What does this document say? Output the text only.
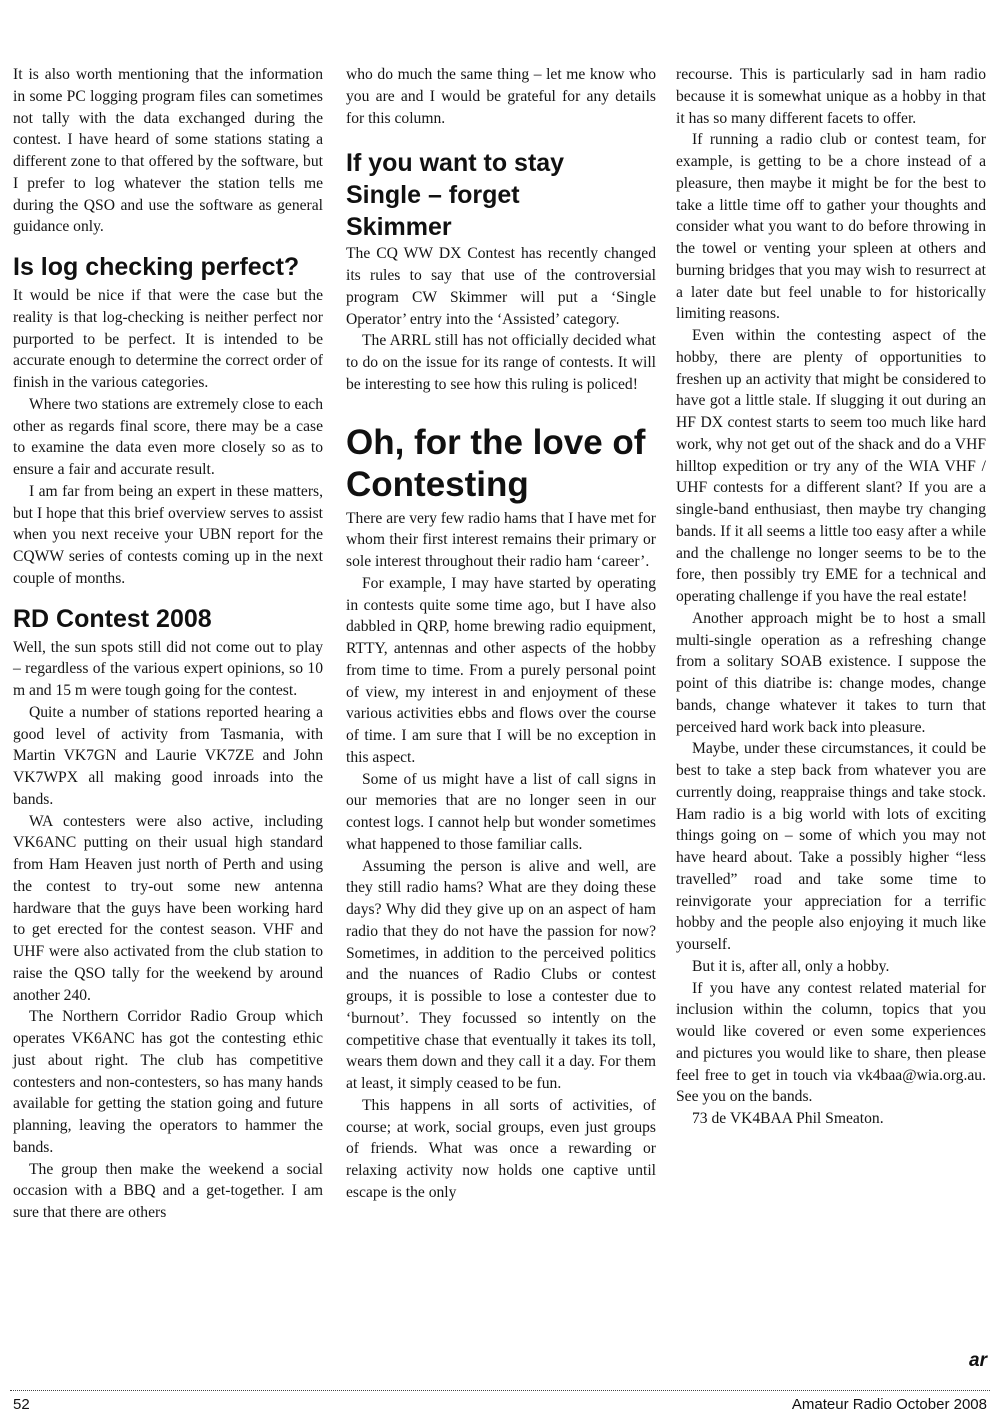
It is also worth mentioning that the information in some PC logging program files can sometimes not tally with the data exchanged during the contest. I have heard of some stations stating a different zone to that offered by the software, but I prefer to log whatever the station tells me during the QSO and use the software as general guidance only.

Is log checking perfect?

It would be nice if that were the case but the reality is that log-checking is neither perfect nor purported to be perfect. It is intended to be accurate enough to determine the correct order of finish in the various categories.

Where two stations are extremely close to each other as regards final score, there may be a case to examine the data even more closely so as to ensure a fair and accurate result.

I am far from being an expert in these matters, but I hope that this brief overview serves to assist when you next receive your UBN report for the CQWW series of contests coming up in the next couple of months.

RD Contest 2008

Well, the sun spots still did not come out to play – regardless of the various expert opinions, so 10 m and 15 m were tough going for the contest.

Quite a number of stations reported hearing a good level of activity from Tasmania, with Martin VK7GN and Laurie VK7ZE and John VK7WPX all making good inroads into the bands.

WA contesters were also active, including VK6ANC putting on their usual high standard from Ham Heaven just north of Perth and using the contest to try-out some new antenna hardware that the guys have been working hard to get erected for the contest season. VHF and UHF were also activated from the club station to raise the QSO tally for the weekend by around another 240.

The Northern Corridor Radio Group which operates VK6ANC has got the contesting ethic just about right. The club has competitive contesters and non-contesters, so has many hands available for getting the station going and future planning, leaving the operators to hammer the bands.

The group then make the weekend a social occasion with a BBQ and a get-together. I am sure that there are others

who do much the same thing – let me know who you are and I would be grateful for any details for this column.

If you want to stay
Single – forget
Skimmer

The CQ WW DX Contest has recently changed its rules to say that use of the controversial program CW Skimmer will put a ‘Single Operator’ entry into the ‘Assisted’ category.

The ARRL still has not officially decided what to do on the issue for its range of contests. It will be interesting to see how this ruling is policed!

Oh, for the love of
Contesting

There are very few radio hams that I have met for whom their first interest remains their primary or sole interest throughout their radio ham ‘career’.

For example, I may have started by operating in contests quite some time ago, but I have also dabbled in QRP, home brewing radio equipment, RTTY, antennas and other aspects of the hobby from time to time. From a purely personal point of view, my interest in and enjoyment of these various activities ebbs and flows over the course of time. I am sure that I will be no exception in this aspect.

Some of us might have a list of call signs in our memories that are no longer seen in our contest logs. I cannot help but wonder sometimes what happened to those familiar calls.

Assuming the person is alive and well, are they still radio hams? What are they doing these days? Why did they give up on an aspect of ham radio that they do not have the passion for now? Sometimes, in addition to the perceived politics and the nuances of Radio Clubs or contest groups, it is possible to lose a contester due to ‘burnout’. They focussed so intently on the competitive chase that eventually it takes its toll, wears them down and they call it a day. For them at least, it simply ceased to be fun.

This happens in all sorts of activities, of course; at work, social groups, even just groups of friends. What was once a rewarding or relaxing activity now holds one captive until escape is the only

recourse. This is particularly sad in ham radio because it is somewhat unique as a hobby in that it has so many different facets to offer.

If running a radio club or contest team, for example, is getting to be a chore instead of a pleasure, then maybe it might be for the best to take a little time off to gather your thoughts and consider what you want to do before throwing in the towel or venting your spleen at others and burning bridges that you may wish to resurrect at a later date but feel unable to for historically limiting reasons.

Even within the contesting aspect of the hobby, there are plenty of opportunities to freshen up an activity that might be considered to have got a little stale. If slugging it out during an HF DX contest starts to seem too much like hard work, why not get out of the shack and do a VHF hilltop expedition or try any of the WIA VHF / UHF contests for a different slant? If you are a single-band enthusiast, then maybe try changing bands. If it all seems a little too easy after a while and the challenge no longer seems to be to the fore, then possibly try EME for a technical and operating challenge if you have the real estate!

Another approach might be to host a small multi-single operation as a refreshing change from a solitary SOAB existence. I suppose the point of this diatribe is: change modes, change bands, change whatever it takes to turn that perceived hard work back into pleasure.

Maybe, under these circumstances, it could be best to take a step back from whatever you are currently doing, reappraise things and take stock. Ham radio is a big world with lots of exciting things going on – some of which you may not have heard about. Take a possibly higher “less travelled” road and take some time to reinvigorate your appreciation for a terrific hobby and the people also enjoying it much like yourself.

But it is, after all, only a hobby.

If you have any contest related material for inclusion within the column, topics that you would like covered or even some experiences and pictures you would like to share, then please feel free to get in touch via vk4baa@wia.org.au. See you on the bands.

73 de VK4BAA Phil Smeaton.

ar
52	Amateur Radio October 2008
